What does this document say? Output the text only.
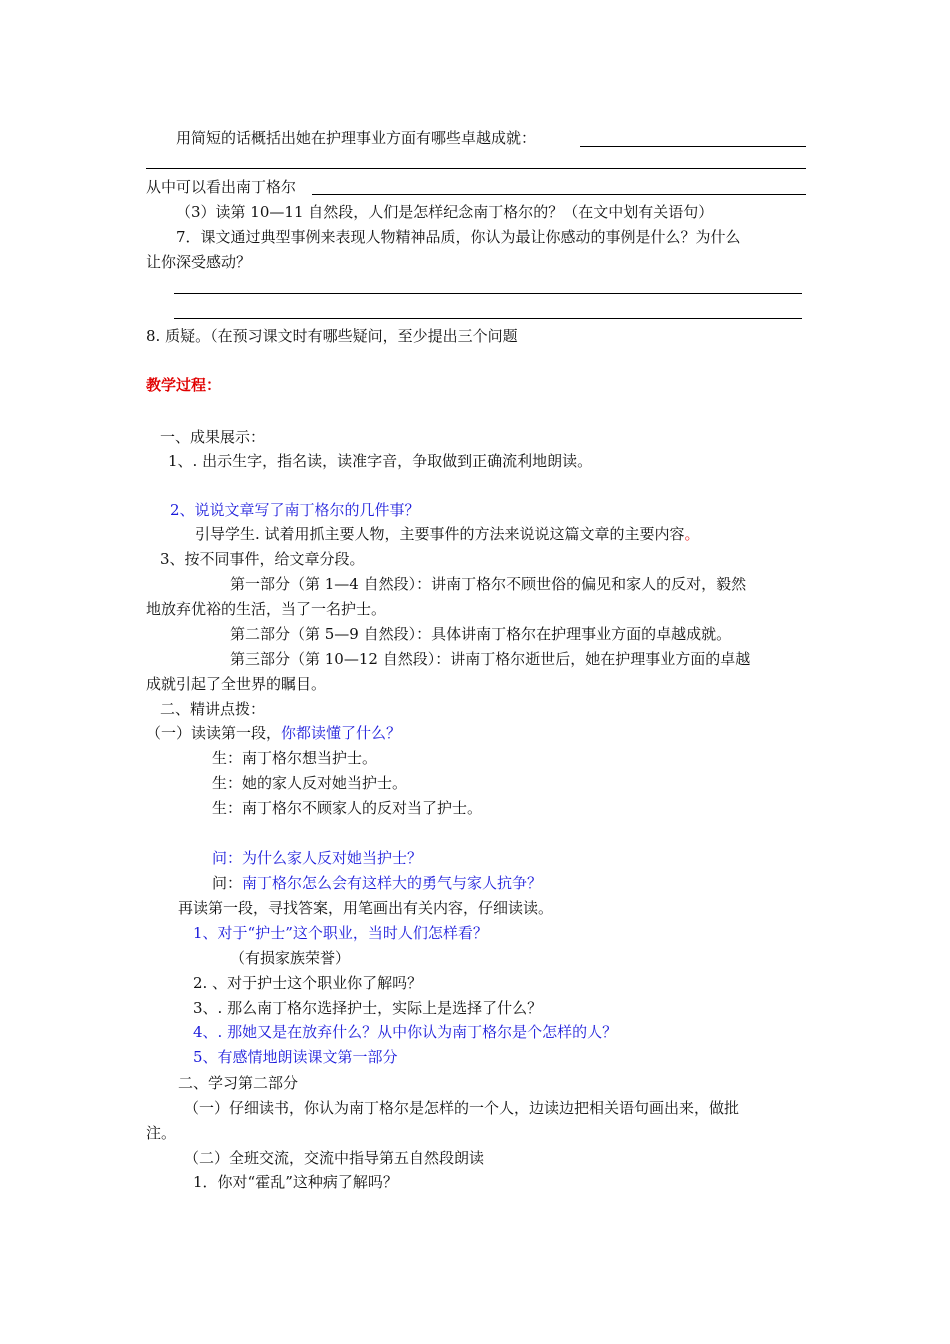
用简短的话概括出她在护理事业方面有哪些卓越成就：
从中可以看出南丁格尔
（3）读第 10—11 自然段，人们是怎样纪念南丁格尔的？（在文中划有关语句）
7．课文通过典型事例来表现人物精神品质，你认为最让你感动的事例是什么？为什么
让你深受感动？
8. 质疑。（在预习课文时有哪些疑问，至少提出三个问题
教学过程：
一、成果展示：
1、. 出示生字，指名读，读准字音，争取做到正确流利地朗读。
2、说说文章写了南丁格尔的几件事？
引导学生. 试着用抓主要人物，主要事件的方法来说说这篇文章的主要内容。
3、按不同事件，给文章分段。
第一部分（第 1—4 自然段）：讲南丁格尔不顾世俗的偏见和家人的反对，毅然
地放弃优裕的生活，当了一名护士。
第二部分（第 5—9 自然段）：具体讲南丁格尔在护理事业方面的卓越成就。
第三部分（第 10—12 自然段）：讲南丁格尔逝世后，她在护理事业方面的卓越
成就引起了全世界的瞩目。
二、精讲点拨：
（一）读读第一段，你都读懂了什么？
生：南丁格尔想当护士。
生：她的家人反对她当护士。
生：南丁格尔不顾家人的反对当了护士。
问：为什么家人反对她当护士？
问：南丁格尔怎么会有这样大的勇气与家人抗争？
再读第一段，寻找答案，用笔画出有关内容，仔细读读。
1、对于“护士”这个职业，当时人们怎样看？
（有损家族荣誉）
2. 、对于护士这个职业你了解吗？
3、. 那么南丁格尔选择护士，实际上是选择了什么？
4、. 那她又是在放弃什么？从中你认为南丁格尔是个怎样的人？
5、有感情地朗读课文第一部分
二、学习第二部分
（一）仔细读书，你认为南丁格尔是怎样的一个人，边读边把相关语句画出来，做批
注。
（二）全班交流，交流中指导第五自然段朗读
1．你对“霍乱”这种病了解吗？
